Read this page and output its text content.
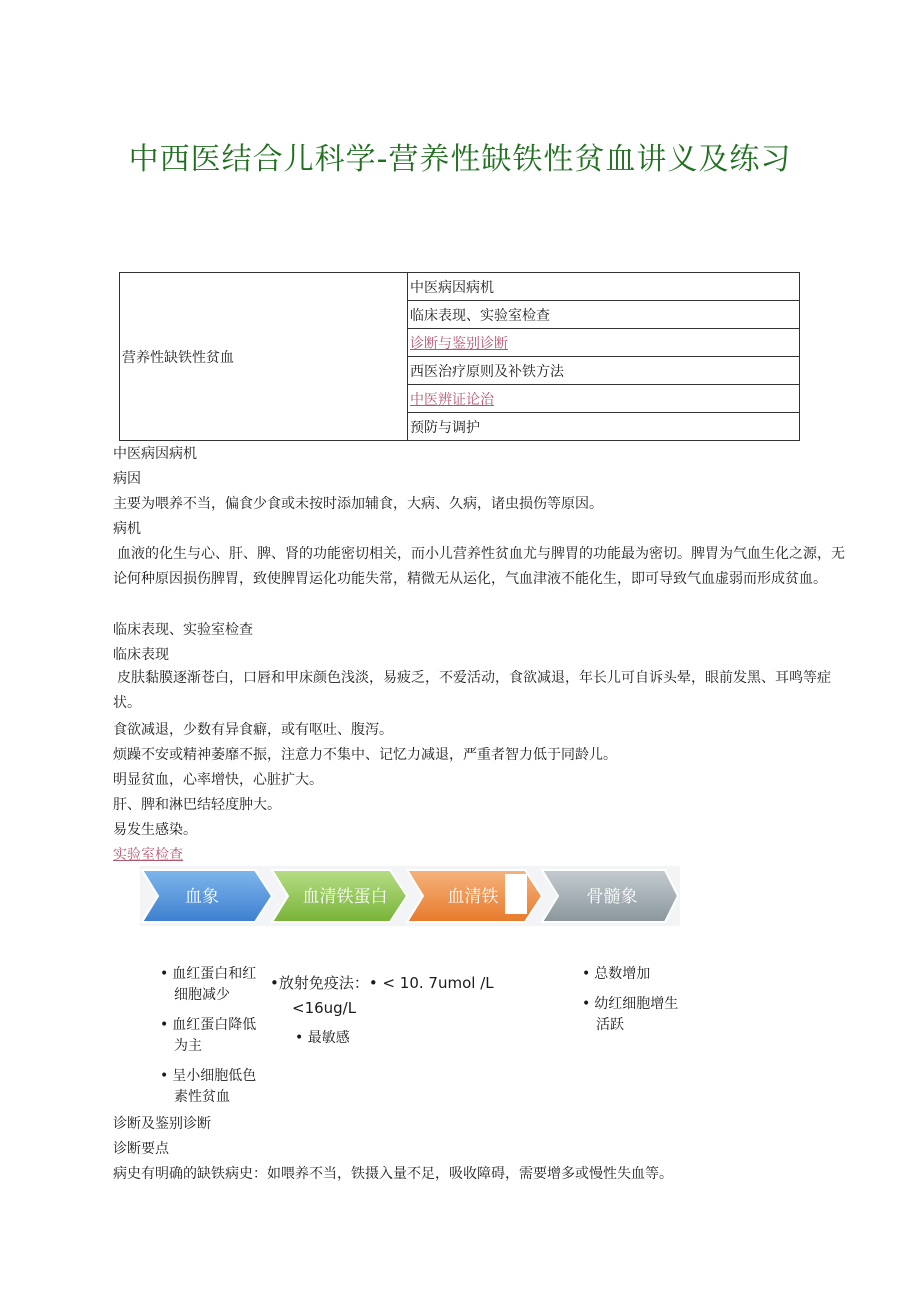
中西医结合儿科学-营养性缺铁性贫血讲义及练习
营养性缺铁性贫血	中医病因病机
临床表现、实验室检查
诊断与鉴别诊断
西医治疗原则及补铁方法
中医辨证论治
预防与调护
中医病因病机
病因
主要为喂养不当，偏食少食或未按时添加辅食，大病、久病，诸虫损伤等原因。
病机
血液的化生与心、肝、脾、肾的功能密切相关，而小儿营养性贫血尤与脾胃的功能最为密切。脾胃为气血生化之源，无论何种原因损伤脾胃，致使脾胃运化功能失常，精微无从运化，气血津液不能化生，即可导致气血虚弱而形成贫血。
临床表现、实验室检查
临床表现
皮肤黏膜逐渐苍白，口唇和甲床颜色浅淡，易疲乏，不爱活动，食欲减退，年长儿可自诉头晕，眼前发黑、耳鸣等症状。
食欲减退，少数有异食癖，或有呕吐、腹泻。
烦躁不安或精神萎靡不振，注意力不集中、记忆力减退，严重者智力低于同龄儿。
明显贫血，心率增快，心脏扩大。
肝、脾和淋巴结轻度肿大。
易发生感染。
实验室检查
血象	血清铁蛋白	血清铁	骨髓象
• 血红蛋白和红细胞减少
• 血红蛋白降低为主
• 呈小细胞低色素性贫血
•放射免疫法：• < 10. 7umol /L
<16ug/L
• 最敏感
• 总数增加
• 幼红细胞增生活跃
诊断及鉴别诊断
诊断要点
病史有明确的缺铁病史：如喂养不当，铁摄入量不足，吸收障碍，需要增多或慢性失血等。
